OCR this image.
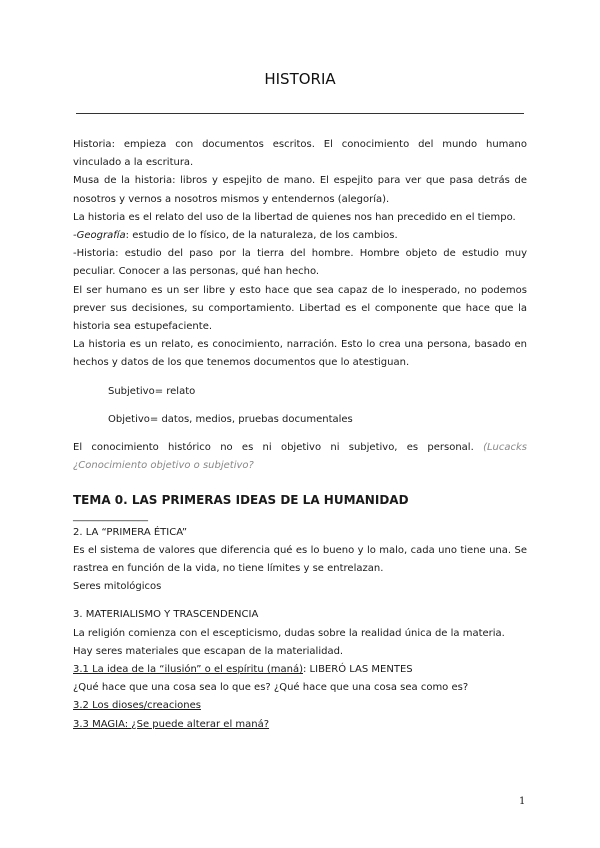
HISTORIA

Historia: empieza con documentos escritos. El conocimiento del mundo humano vinculado a la escritura.

Musa de la historia: libros y espejito de mano. El espejito para ver que pasa detrás de nosotros y vernos a nosotros mismos y entendernos (alegoría).

La historia es el relato del uso de la libertad de quienes nos han precedido en el tiempo.

-Geografía: estudio de lo físico, de la naturaleza, de los cambios.

-Historia: estudio del paso por la tierra del hombre. Hombre objeto de estudio muy peculiar. Conocer a las personas, qué han hecho.

El ser humano es un ser libre y esto hace que sea capaz de lo inesperado, no podemos prever sus decisiones, su comportamiento. Libertad es el componente que hace que la historia sea estupefaciente.

La historia es un relato, es conocimiento, narración. Esto lo crea una persona, basado en hechos y datos de los que tenemos documentos que lo atestiguan.

Subjetivo= relato

Objetivo= datos, medios, pruebas documentales

El conocimiento histórico no es ni objetivo ni subjetivo, es personal. (Lucacks ¿Conocimiento objetivo o subjetivo?

TEMA 0. LAS PRIMERAS IDEAS DE LA HUMANIDAD

_______________

2. LA “PRIMERA ÉTICA”

Es el sistema de valores que diferencia qué es lo bueno y lo malo, cada uno tiene una. Se rastrea en función de la vida, no tiene límites y se entrelazan.

Seres mitológicos

3. MATERIALISMO Y TRASCENDENCIA

La religión comienza con el escepticismo, dudas sobre la realidad única de la materia.

Hay seres materiales que escapan de la materialidad.

3.1 La idea de la “ilusión” o el espíritu (maná): LIBERÓ LAS MENTES

¿Qué hace que una cosa sea lo que es? ¿Qué hace que una cosa sea como es?

3.2 Los dioses/creaciones

3.3 MAGIA: ¿Se puede alterar el maná?

1
